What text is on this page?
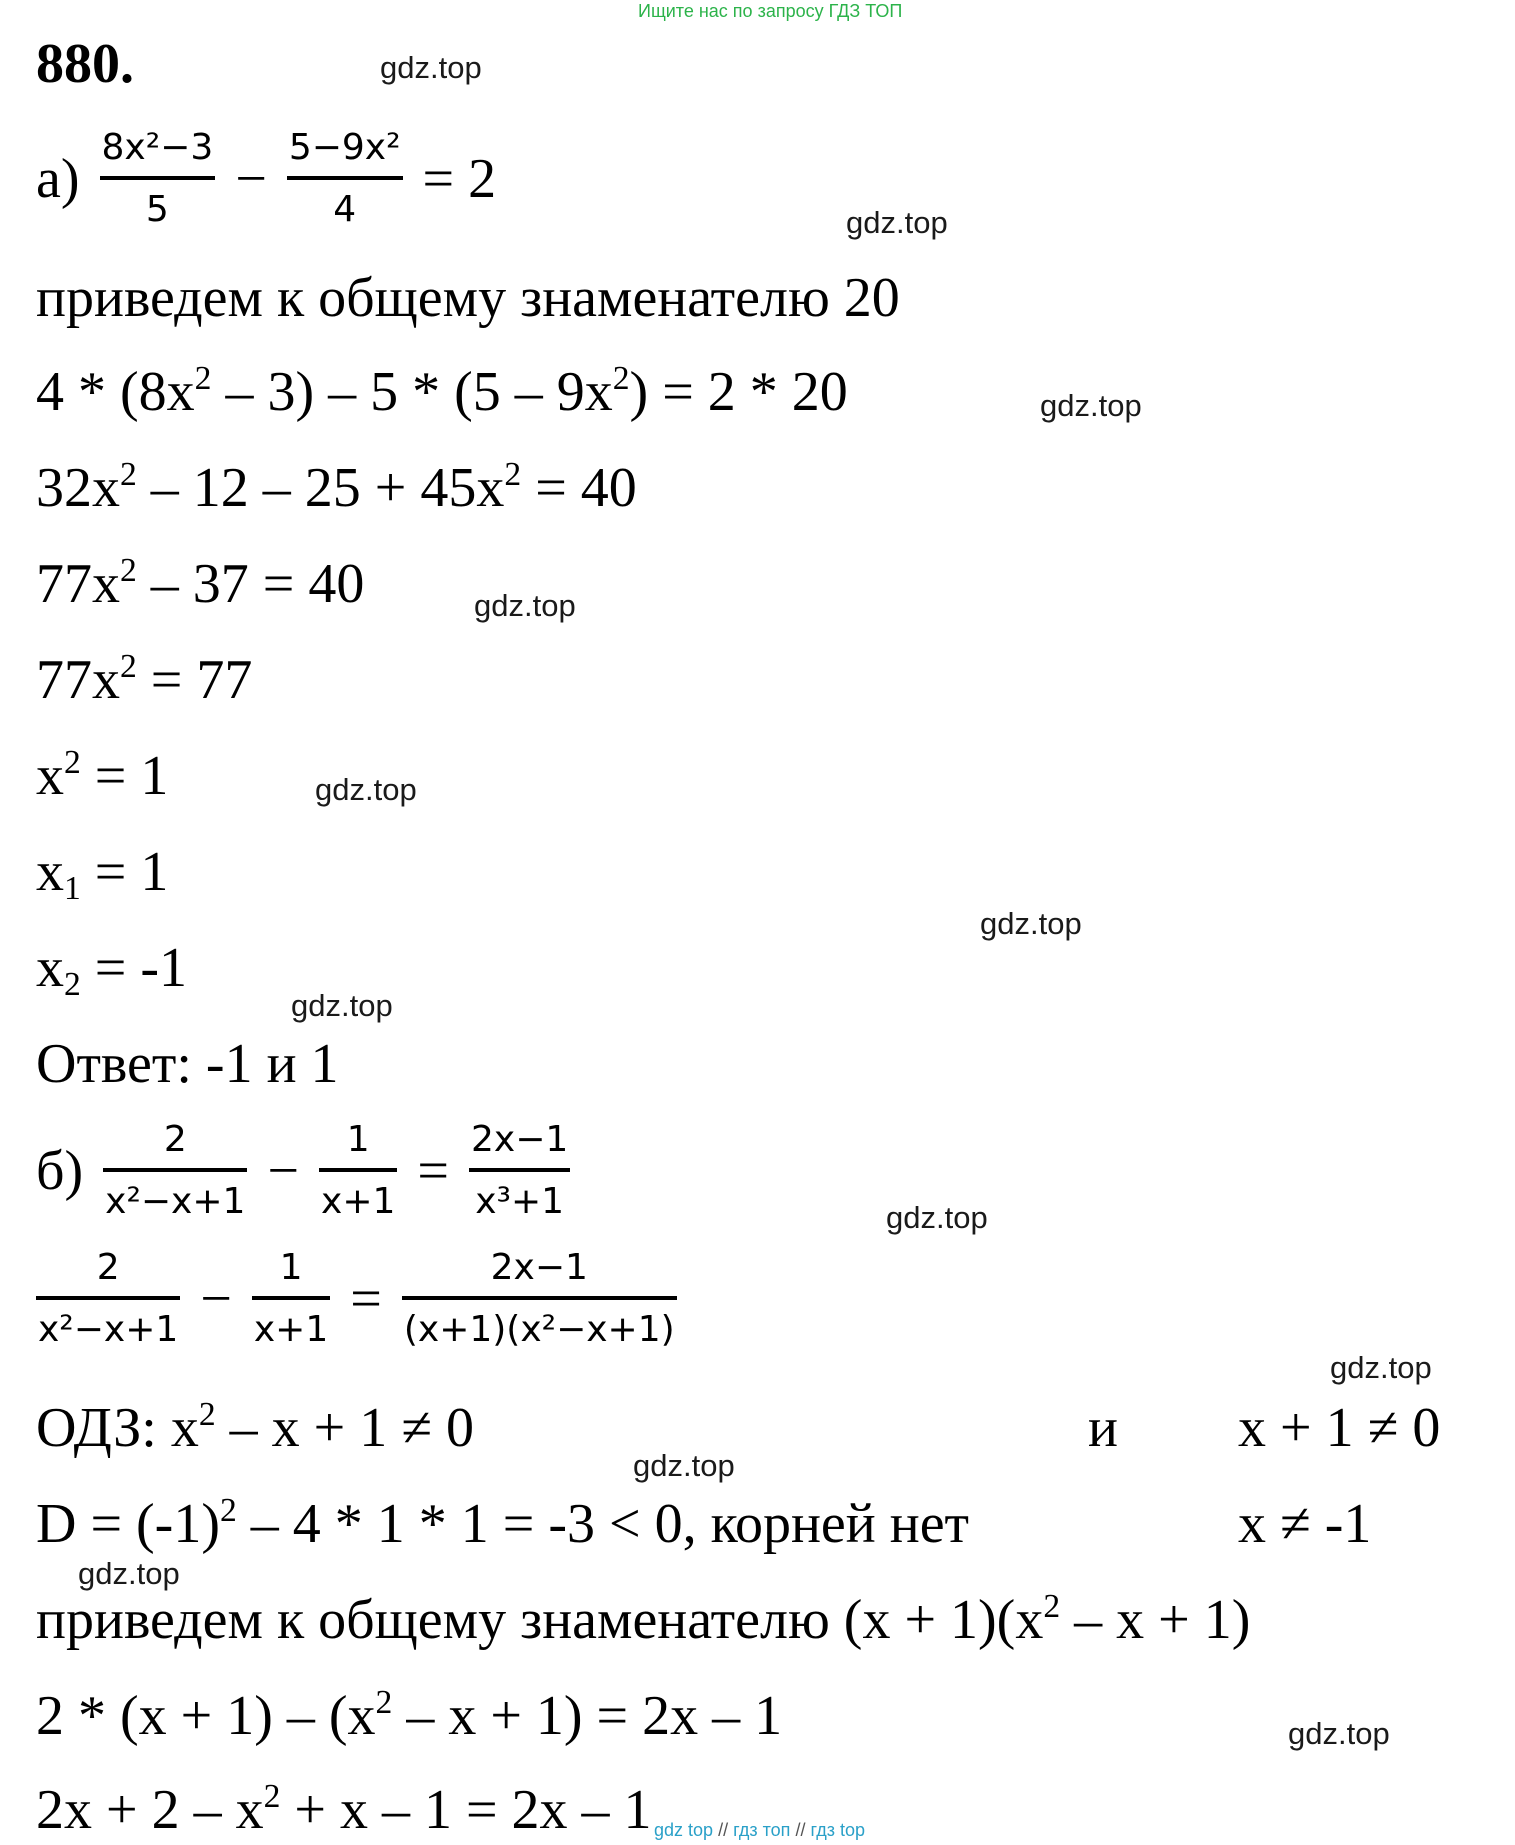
Ищите нас по запросу ГДЗ ТОП
880.
$а) \frac{\text{8x²−3}}{5} - \frac{\text{5−9x²}}{4} = 2$
приведем к общему знаменателю 20
$4 * (8x^2 - 3) - 5 * (5 - 9x^2) = 2 * 20$
$32x^2 - 12 - 25 + 45x^2 = 40$
$77x^2 - 37 = 40$
$77x^2 = 77$
$x^2 = 1$
$x_1 = 1$
$x_2 = -1$
Ответ: -1 и 1
$б) \frac{2}{\text{x²−x+1}} - \frac{1}{x+1} = \frac{2x-1}{\text{x³+1}}$
$\frac{2}{\text{x²−x+1}} - \frac{1}{x+1} = \frac{2x-1}{\text{(x+1)(x²−x+1)}}$
ОДЗ: $x^2 - x + 1 \ne 0$	и x + 1 ≠ 0
$D = (-1)^2 - 4 * 1 * 1 = -3 < 0$, корней нет	x ≠ -1
приведем к общему знаменателю $(x + 1)(x^2 - x + 1)$
$2 * (x + 1) - (x^2 - x + 1) = 2x - 1$
$2x + 2 - x^2 + x - 1 = 2x - 1$
gdz.top
gdz.top
gdz.top
gdz.top
gdz.top
gdz.top
gdz.top
gdz.top
gdz.top
gdz.top
gdz.top
gdz.top
gdz top // гдз топ // гдз top
